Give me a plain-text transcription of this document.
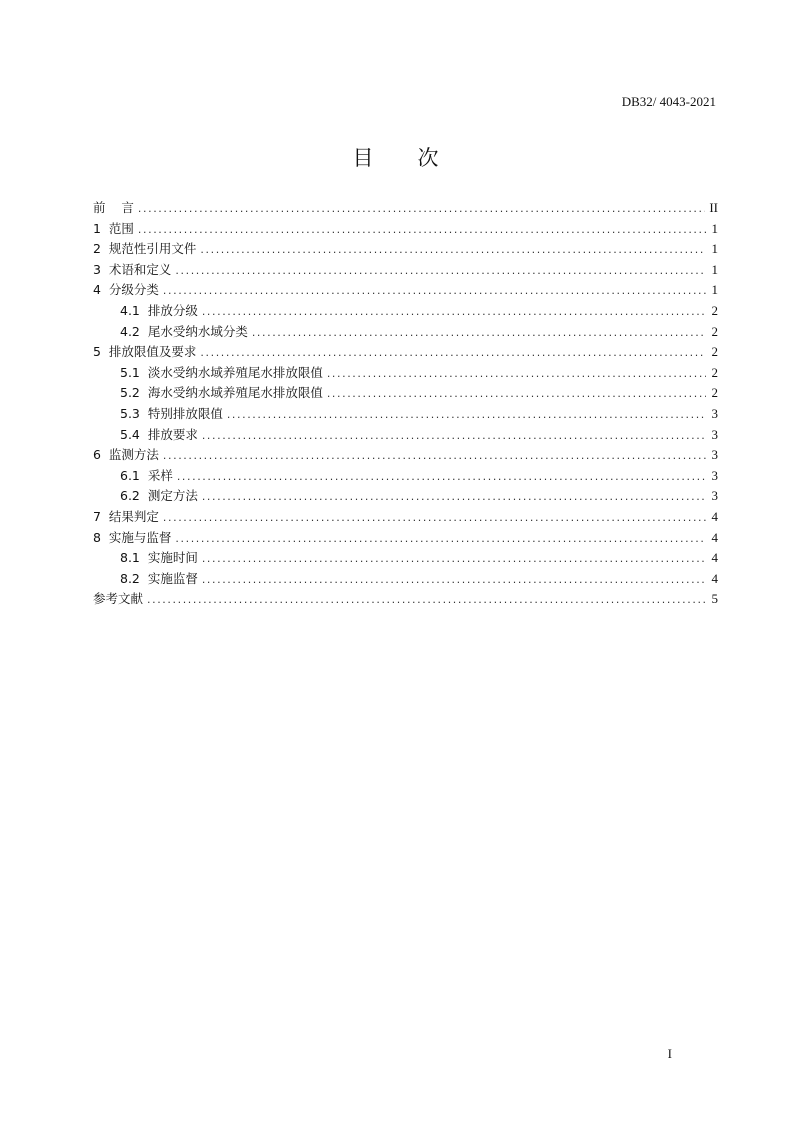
DB32/ 4043-2021
目 次
前    言 .....	II
1  范围 .....	1
2  规范性引用文件 .....	1
3  术语和定义 .....	1
4  分级分类 .....	1
4.1  排放分级 .....	2
4.2  尾水受纳水域分类 .....	2
5  排放限值及要求 .....	2
5.1  淡水受纳水域养殖尾水排放限值 .....	2
5.2  海水受纳水域养殖尾水排放限值 .....	2
5.3  特别排放限值 .....	3
5.4  排放要求 .....	3
6  监测方法 .....	3
6.1  采样 .....	3
6.2  测定方法 .....	3
7  结果判定 .....	4
8  实施与监督 .....	4
8.1  实施时间 .....	4
8.2  实施监督 .....	4
参考文献 .....	5
I
